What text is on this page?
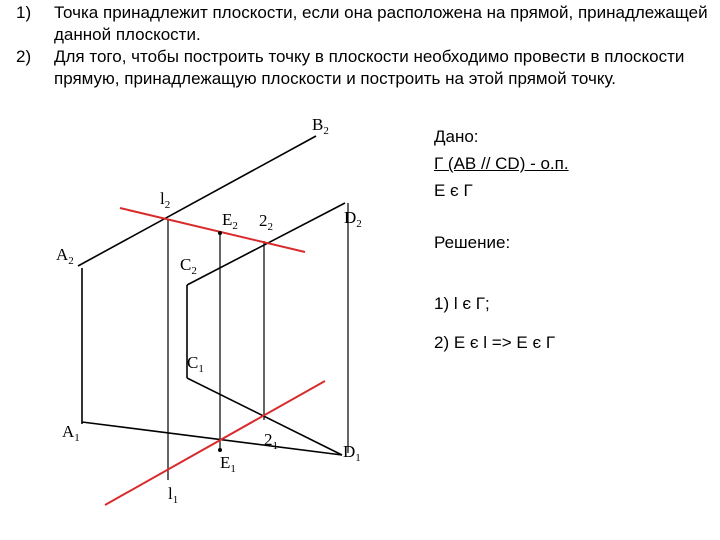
1) Точка принадлежит плоскости, если она расположена на прямой, принадлежащей данной плоскости.
2) Для того, чтобы построить точку в плоскости необходимо провести в плоскости прямую, принадлежащую плоскости и построить на этой прямой точку.
$B_2$
$l_2$
$E_2$ $2_2$	$D_2$
$A_2$	$C_2$
$C_1$
$A_1$	$2_1$	$D_1$
$E_1$
$l_1$
Дано:
Г (AB // CD) - о.п.
E є Г
Решение:
1) l є Г;
2) E є l => E є Г
